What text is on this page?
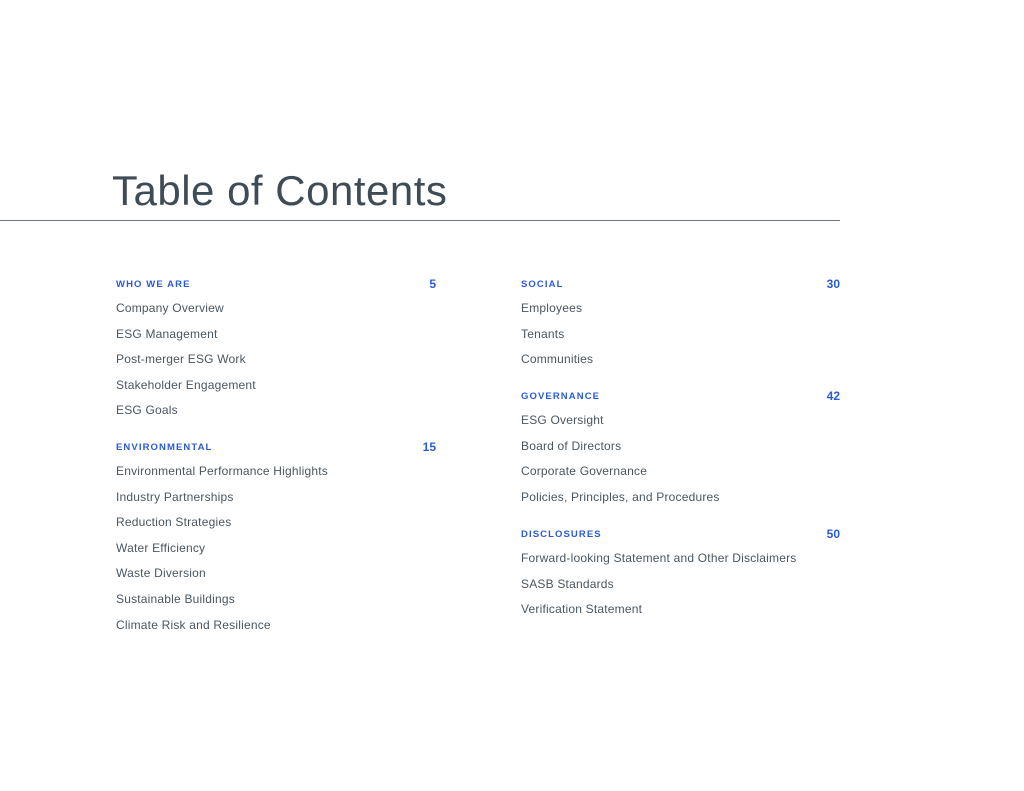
Table of Contents
WHO WE ARE	5
Company Overview
ESG Management
Post-merger ESG Work
Stakeholder Engagement
ESG Goals
ENVIRONMENTAL	15
Environmental Performance Highlights
Industry Partnerships
Reduction Strategies
Water Efficiency
Waste Diversion
Sustainable Buildings
Climate Risk and Resilience
SOCIAL	30
Employees
Tenants
Communities
GOVERNANCE	42
ESG Oversight
Board of Directors
Corporate Governance
Policies, Principles, and Procedures
DISCLOSURES	50
Forward-looking Statement and Other Disclaimers
SASB Standards
Verification Statement
